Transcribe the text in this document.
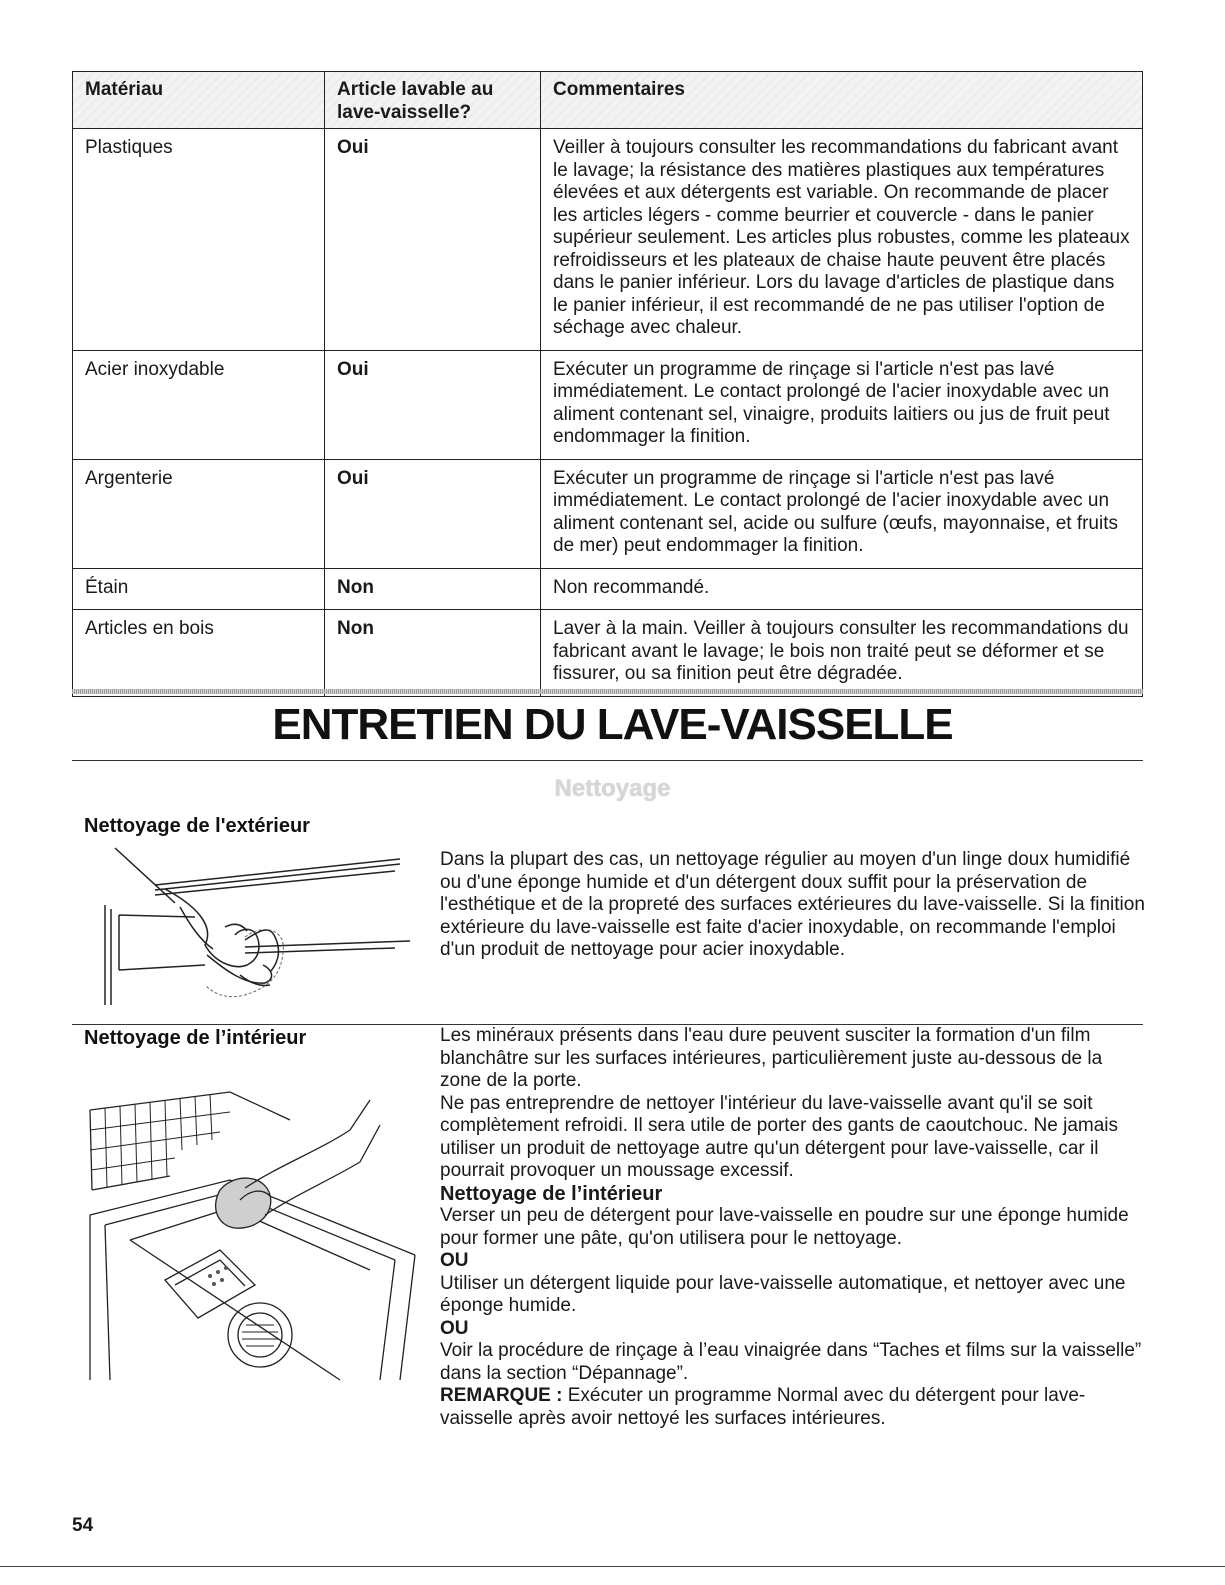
Matériau	Article lavable au lave-vaisselle?	Commentaires
Plastiques	Oui	Veiller à toujours consulter les recommandations du fabricant avant le lavage; la résistance des matières plastiques aux températures élevées et aux détergents est variable. On recommande de placer les articles légers - comme beurrier et couvercle - dans le panier supérieur seulement. Les articles plus robustes, comme les plateaux refroidisseurs et les plateaux de chaise haute peuvent être placés dans le panier inférieur. Lors du lavage d'articles de plastique dans le panier inférieur, il est recommandé de ne pas utiliser l'option de séchage avec chaleur.
Acier inoxydable	Oui	Exécuter un programme de rinçage si l'article n'est pas lavé immédiatement. Le contact prolongé de l'acier inoxydable avec un aliment contenant sel, vinaigre, produits laitiers ou jus de fruit peut endommager la finition.
Argenterie	Oui	Exécuter un programme de rinçage si l'article n'est pas lavé immédiatement. Le contact prolongé de l'acier inoxydable avec un aliment contenant sel, acide ou sulfure (œufs, mayonnaise, et fruits de mer) peut endommager la finition.
Étain	Non	Non recommandé.
Articles en bois	Non	Laver à la main. Veiller à toujours consulter les recommandations du fabricant avant le lavage; le bois non traité peut se déformer et se fissurer, ou sa finition peut être dégradée.
ENTRETIEN DU LAVE-VAISSELLE
Nettoyage
Nettoyage de l'extérieur

Dans la plupart des cas, un nettoyage régulier au moyen d'un linge doux humidifié ou d'une éponge humide et d'un détergent doux suffit pour la préservation de l'esthétique et de la propreté des surfaces extérieures du lave-vaisselle. Si la finition extérieure du lave-vaisselle est faite d'acier inoxydable, on recommande l'emploi d'un produit de nettoyage pour acier inoxydable.

Nettoyage de l’intérieur	Les minéraux présents dans l'eau dure peuvent susciter la formation d'un film blanchâtre sur les surfaces intérieures, particulièrement juste au-dessous de la zone de la porte.

Ne pas entreprendre de nettoyer l'intérieur du lave-vaisselle avant qu'il se soit complètement refroidi. Il sera utile de porter des gants de caoutchouc. Ne jamais utiliser un produit de nettoyage autre qu'un détergent pour lave-vaisselle, car il pourrait provoquer un moussage excessif.

Nettoyage de l’intérieur

Verser un peu de détergent pour lave-vaisselle en poudre sur une éponge humide pour former une pâte, qu'on utilisera pour le nettoyage.

OU

Utiliser un détergent liquide pour lave-vaisselle automatique, et nettoyer avec une éponge humide.

OU

Voir la procédure de rinçage à l’eau vinaigrée dans “Taches et films sur la vaisselle” dans la section “Dépannage”.

REMARQUE : Exécuter un programme Normal avec du détergent pour lave-vaisselle après avoir nettoyé les surfaces intérieures.

54
